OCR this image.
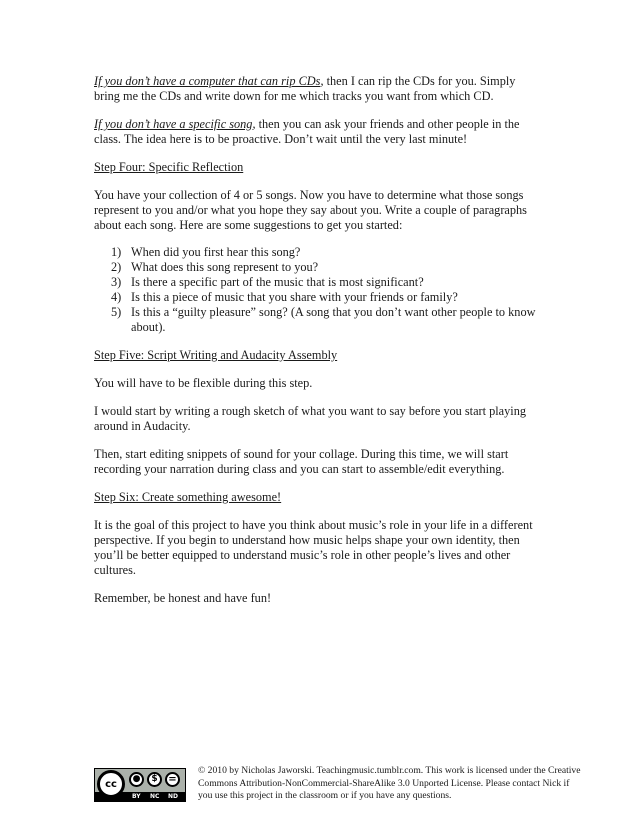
If you don’t have a computer that can rip CDs, then I can rip the CDs for you. Simply bring me the CDs and write down for me which tracks you want from which CD.

If you don’t have a specific song, then you can ask your friends and other people in the class. The idea here is to be proactive. Don’t wait until the very last minute!

Step Four: Specific Reflection

You have your collection of 4 or 5 songs. Now you have to determine what those songs represent to you and/or what you hope they say about you. Write a couple of paragraphs about each song. Here are some suggestions to get you started:

1) When did you first hear this song?
2) What does this song represent to you?
3) Is there a specific part of the music that is most significant?
4) Is this a piece of music that you share with your friends or family?
5) Is this a “guilty pleasure” song? (A song that you don’t want other people to know about).

Step Five: Script Writing and Audacity Assembly

You will have to be flexible during this step.

I would start by writing a rough sketch of what you want to say before you start playing around in Audacity.

Then, start editing snippets of sound for your collage. During this time, we will start recording your narration during class and you can start to assemble/edit everything.

Step Six: Create something awesome!

It is the goal of this project to have you think about music’s role in your life in a different perspective. If you begin to understand how music helps shape your own identity, then you’ll be better equipped to understand music’s role in other people’s lives and other cultures.

Remember, be honest and have fun!

cc	●	$	=
BY NC ND
© 2010 by Nicholas Jaworski. Teachingmusic.tumblr.com. This work is licensed under the Creative Commons Attribution-NonCommercial-ShareAlike 3.0 Unported License. Please contact Nick if you use this project in the classroom or if you have any questions.
